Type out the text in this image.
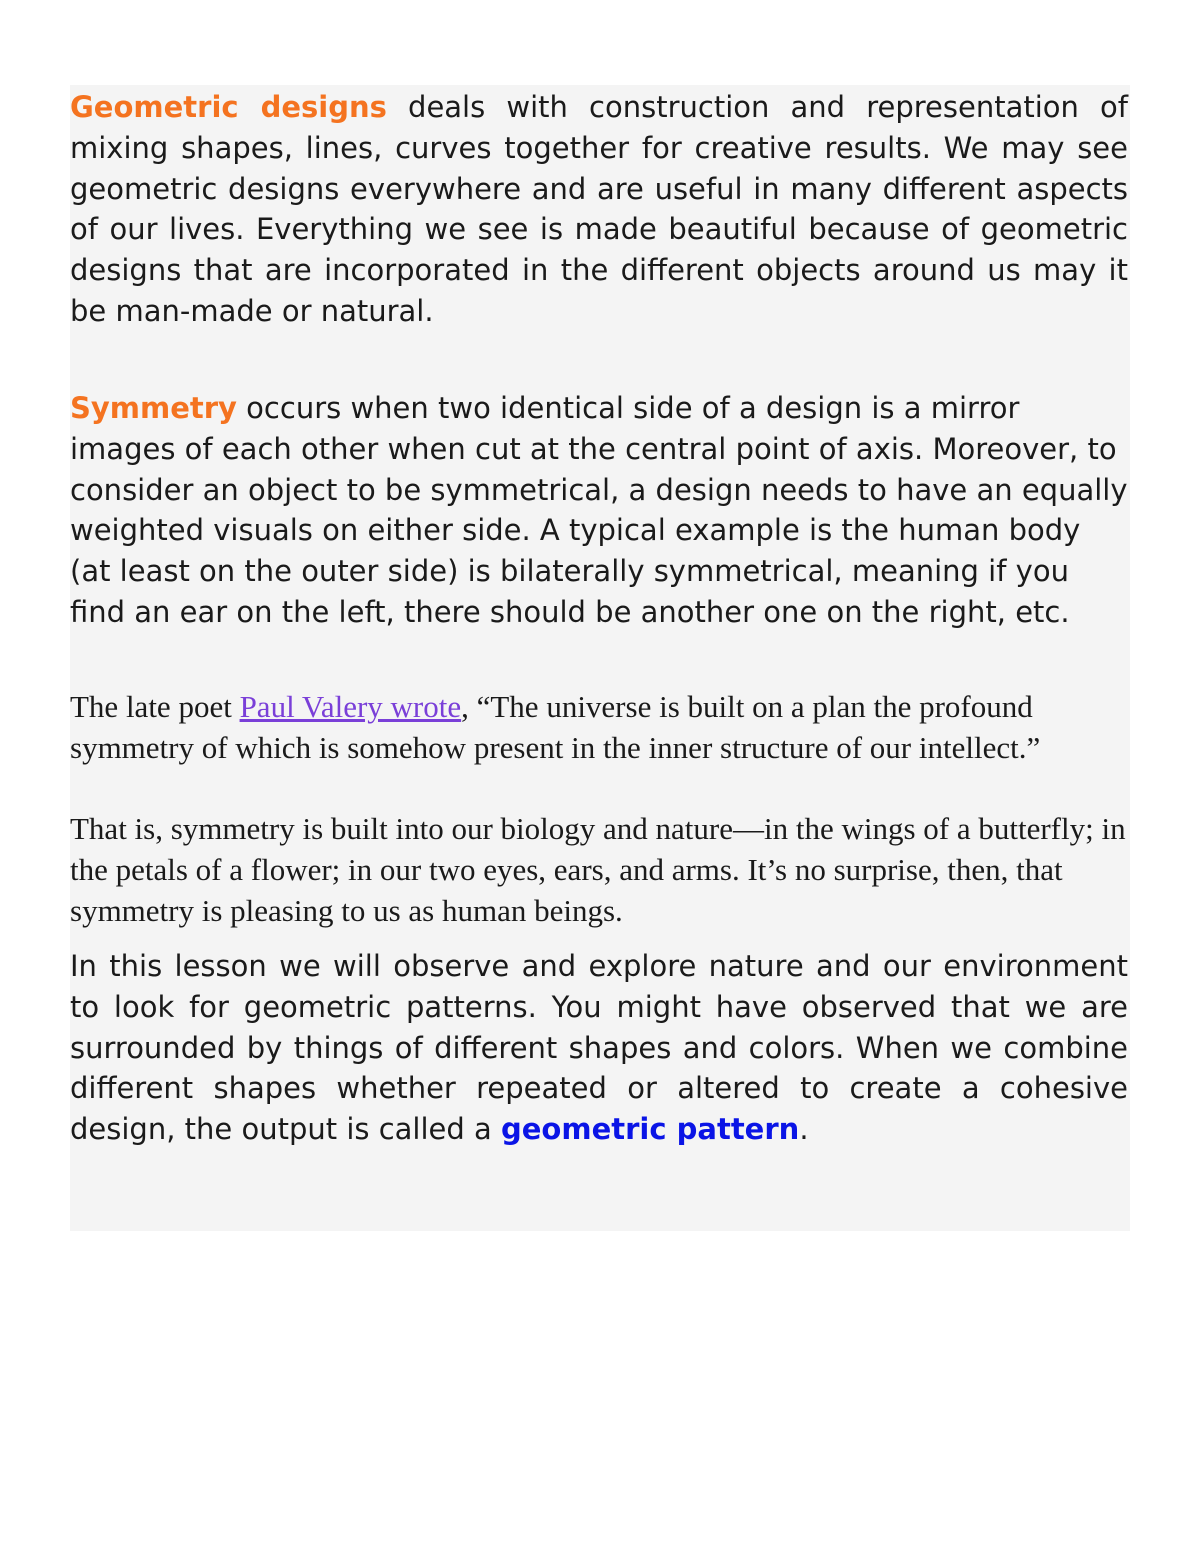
Geometric designs deals with construction and representation of mixing shapes, lines, curves together for creative results. We may see geometric designs everywhere and are useful in many different aspects of our lives. Everything we see is made beautiful because of geometric designs that are incorporated in the different objects around us may it be man-made or natural.

Symmetry occurs when two identical side of a design is a mirror images of each other when cut at the central point of axis. Moreover, to consider an object to be symmetrical, a design needs to have an equally weighted visuals on either side. A typical example is the human body (at least on the outer side) is bilaterally symmetrical, meaning if you find an ear on the left, there should be another one on the right, etc.

The late poet Paul Valery wrote, “The universe is built on a plan the profound symmetry of which is somehow present in the inner structure of our intellect.”

That is, symmetry is built into our biology and nature—in the wings of a butterfly; in the petals of a flower; in our two eyes, ears, and arms. It’s no surprise, then, that symmetry is pleasing to us as human beings.

In this lesson we will observe and explore nature and our environment to look for geometric patterns. You might have observed that we are surrounded by things of different shapes and colors. When we combine different shapes whether repeated or altered to create a cohesive design, the output is called a geometric pattern.
